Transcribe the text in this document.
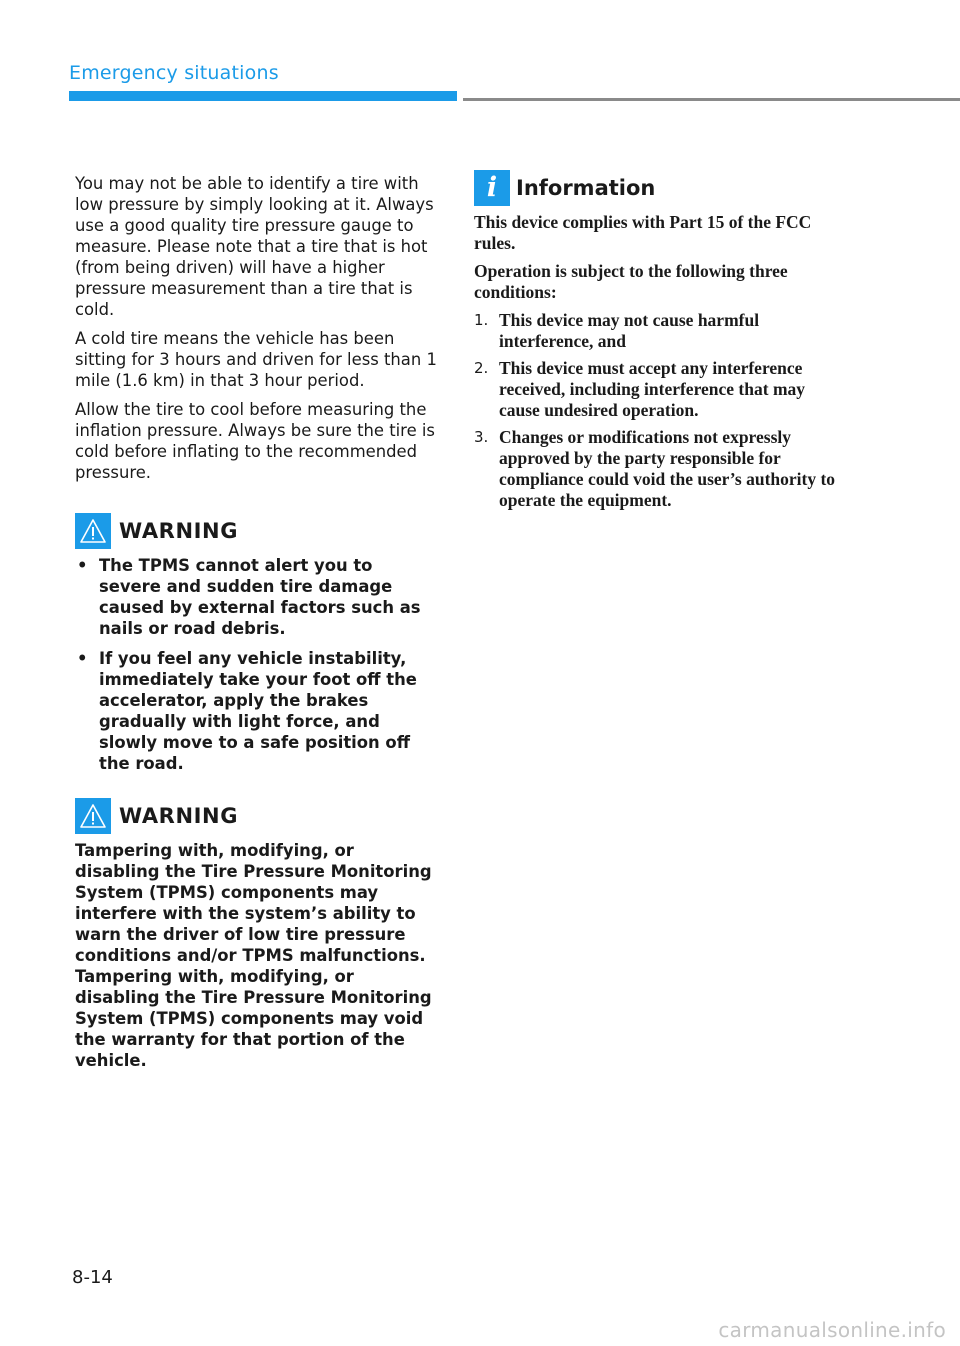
Emergency situations

You may not be able to identify a tire with low pressure by simply looking at it. Always use a good quality tire pressure gauge to measure. Please note that a tire that is hot (from being driven) will have a higher pressure measurement than a tire that is cold.

A cold tire means the vehicle has been sitting for 3 hours and driven for less than 1 mile (1.6 km) in that 3 hour period.

Allow the tire to cool before measuring the inflation pressure. Always be sure the tire is cold before inflating to the recommended pressure.

WARNING
• The TPMS cannot alert you to severe and sudden tire damage caused by external factors such as nails or road debris.
• If you feel any vehicle instability, immediately take your foot off the accelerator, apply the brakes gradually with light force, and slowly move to a safe position off the road.
WARNING

Tampering with, modifying, or disabling the Tire Pressure Monitoring System (TPMS) components may interfere with the system’s ability to warn the driver of low tire pressure conditions and/or TPMS malfunctions. Tampering with, modifying, or disabling the Tire Pressure Monitoring System (TPMS) components may void the warranty for that portion of the vehicle.

i Information

This device complies with Part 15 of the FCC rules.

Operation is subject to the following three conditions:

1. This device may not cause harmful interference, and
2. This device must accept any interference received, including interference that may cause undesired operation.
3. Changes or modifications not expressly approved by the party responsible for compliance could void the user’s authority to operate the equipment.
8-14
carmanualsonline.info
